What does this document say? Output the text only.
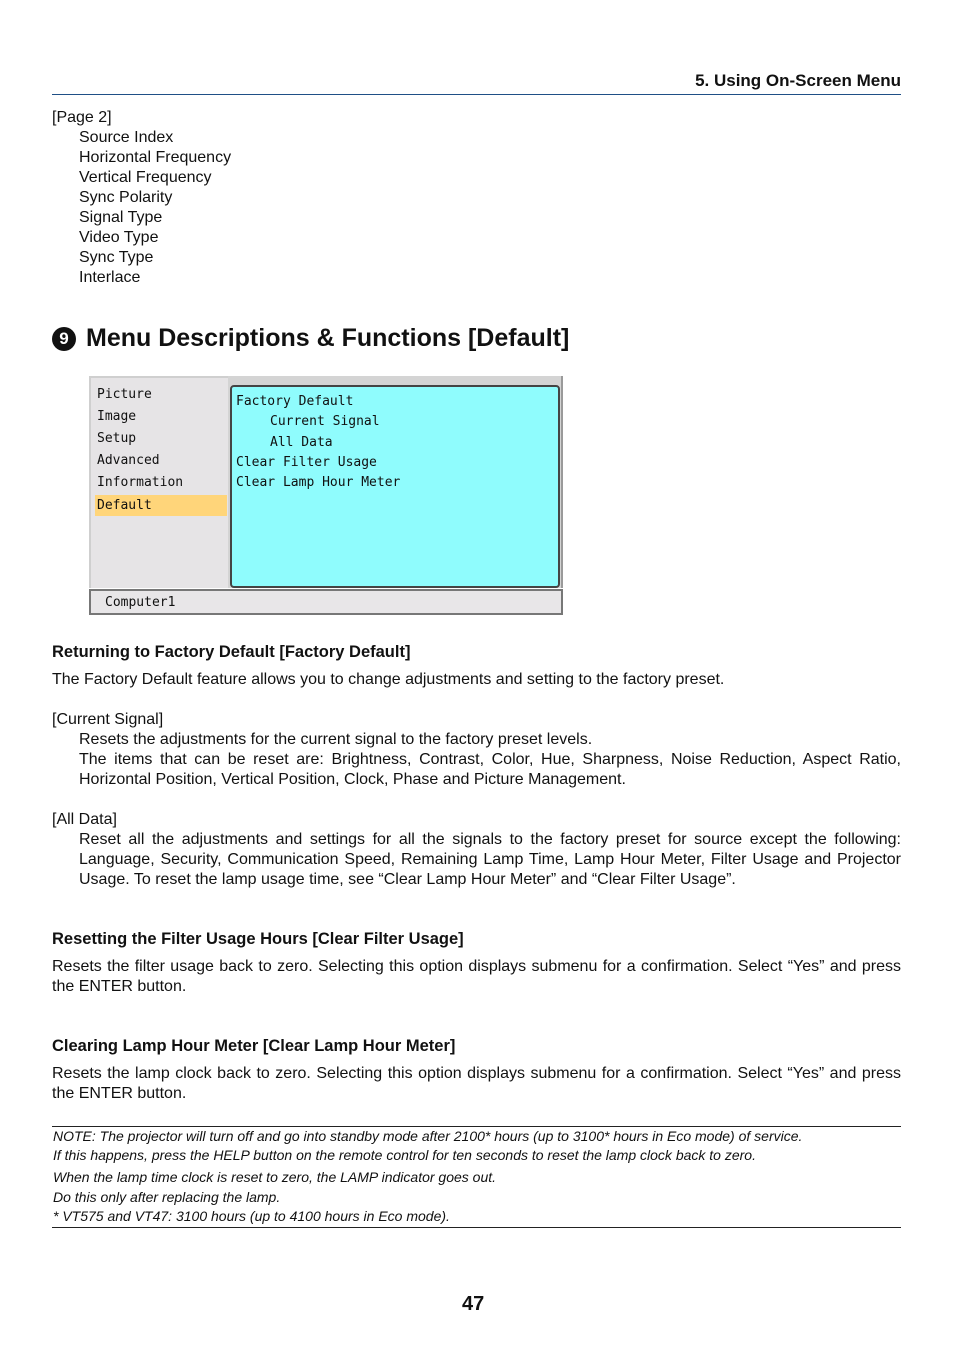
5. Using On-Screen Menu
[Page 2]
Source Index
Horizontal Frequency
Vertical Frequency
Sync Polarity
Signal Type
Video Type
Sync Type
Interlace
9 Menu Descriptions & Functions [Default]
Picture
Image
Setup
Advanced
Information
Default
Factory Default
Current Signal
All Data
Clear Filter Usage
Clear Lamp Hour Meter
Computer1
Returning to Factory Default [Factory Default]
The Factory Default feature allows you to change adjustments and setting to the factory preset.
[Current Signal]
Resets the adjustments for the current signal to the factory preset levels.
The items that can be reset are: Brightness, Contrast, Color, Hue, Sharpness, Noise Reduction, Aspect Ratio, Horizontal Position, Vertical Position, Clock, Phase and Picture Management.
[All Data]
Reset all the adjustments and settings for all the signals to the factory preset for source except the following: Language, Security, Communication Speed, Remaining Lamp Time, Lamp Hour Meter, Filter Usage and Projector Usage. To reset the lamp usage time, see “Clear Lamp Hour Meter” and “Clear Filter Usage”.
Resetting the Filter Usage Hours [Clear Filter Usage]
Resets the filter usage back to zero. Selecting this option displays submenu for a confirmation. Select “Yes” and press the ENTER button.
Clearing Lamp Hour Meter [Clear Lamp Hour Meter]
Resets the lamp clock back to zero. Selecting this option displays submenu for a confirmation. Select “Yes” and press the ENTER button.
NOTE: The projector will turn off and go into standby mode after 2100* hours (up to 3100* hours in Eco mode) of service.
If this happens, press the HELP button on the remote control for ten seconds to reset the lamp clock back to zero.
When the lamp time clock is reset to zero, the LAMP indicator goes out.
Do this only after replacing the lamp.
* VT575 and VT47: 3100 hours (up to 4100 hours in Eco mode).
47
